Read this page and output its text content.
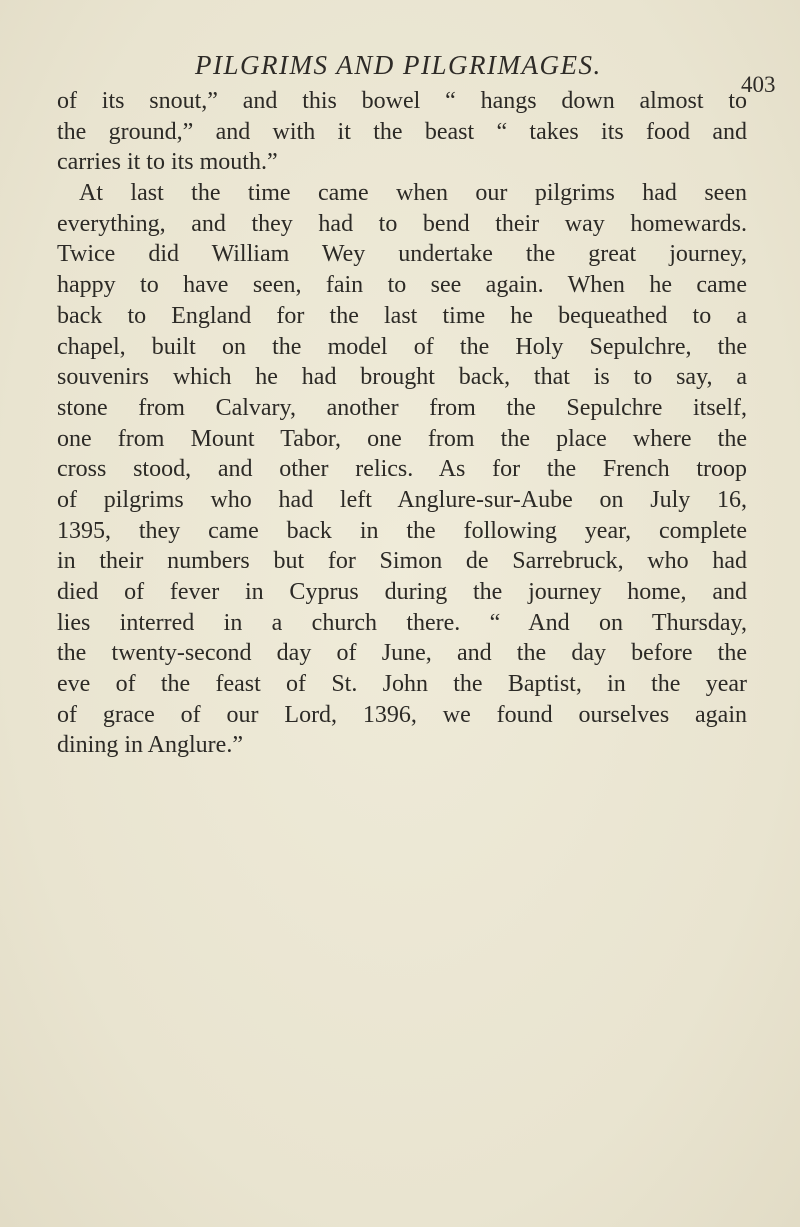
PILGRIMS AND PILGRIMAGES.
403
of its snout,” and this bowel “ hangs down almost to
the ground,” and with it the beast “ takes its food and
carries it to its mouth.”
At last the time came when our pilgrims had seen
everything, and they had to bend their way homewards.
Twice did William Wey undertake the great journey,
happy to have seen, fain to see again. When he came
back to England for the last time he bequeathed to a
chapel, built on the model of the Holy Sepulchre, the
souvenirs which he had brought back, that is to say, a
stone from Calvary, another from the Sepulchre itself,
one from Mount Tabor, one from the place where the
cross stood, and other relics. As for the French troop
of pilgrims who had left Anglure-sur-Aube on July 16,
1395, they came back in the following year, complete
in their numbers but for Simon de Sarrebruck, who had
died of fever in Cyprus during the journey home, and
lies interred in a church there. “ And on Thursday,
the twenty-second day of June, and the day before the
eve of the feast of St. John the Baptist, in the year
of grace of our Lord, 1396, we found ourselves again
dining in Anglure.”
